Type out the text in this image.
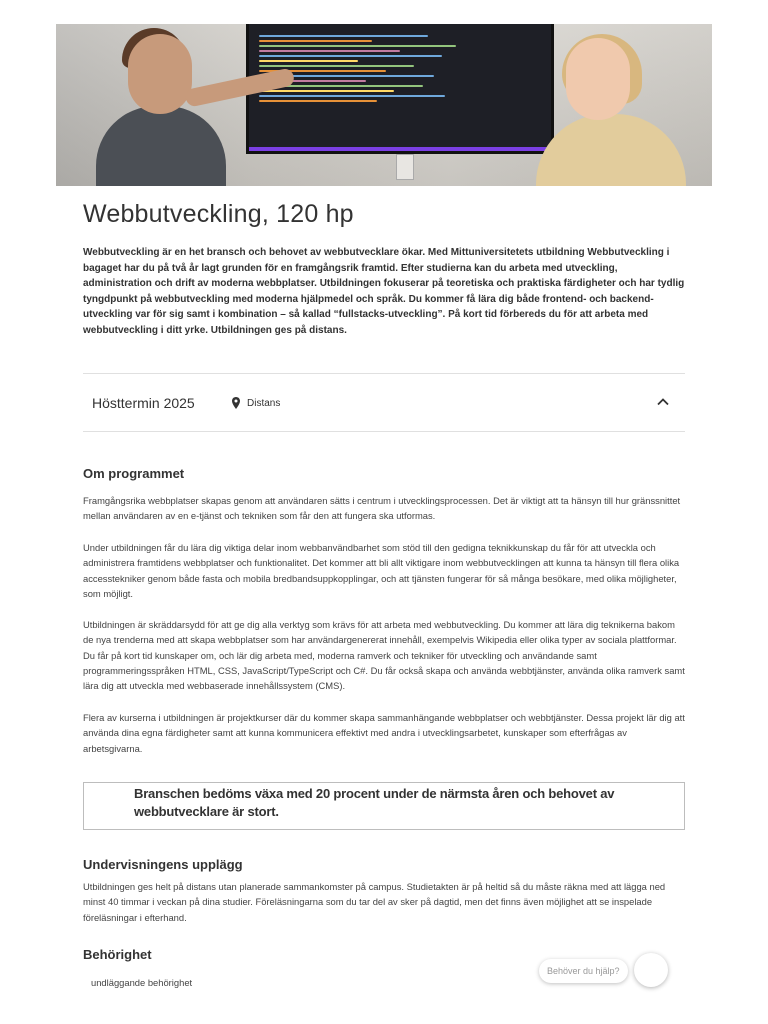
Webbutveckling, 120 hp

Webbutveckling är en het bransch och behovet av webbutvecklare ökar. Med Mittuniversitetets utbildning Webbutveckling i bagaget har du på två år lagt grunden för en framgångsrik framtid. Efter studierna kan du arbeta med utveckling, administration och drift av moderna webbplatser. Utbildningen fokuserar på teoretiska och praktiska färdigheter och har tydlig tyngdpunkt på webbutveckling med moderna hjälpmedel och språk. Du kommer få lära dig både frontend- och backend-utveckling var för sig samt i kombination – så kallad “fullstacks-utveckling”. På kort tid förbereds du för att arbeta med webbutveckling i ditt yrke. Utbildningen ges på distans.

Hösttermin 2025	Distans
Om programmet

Framgångsrika webbplatser skapas genom att användaren sätts i centrum i utvecklingsprocessen. Det är viktigt att ta hänsyn till hur gränssnittet mellan användaren av en e-tjänst och tekniken som får den att fungera ska utformas.

Under utbildningen får du lära dig viktiga delar inom webbanvändbarhet som stöd till den gedigna teknikkunskap du får för att utveckla och administrera framtidens webbplatser och funktionalitet. Det kommer att bli allt viktigare inom webbutvecklingen att kunna ta hänsyn till flera olika accesstekniker genom både fasta och mobila bredbandsuppkopplingar, och att tjänsten fungerar för så många besökare, med olika möjligheter, som möjligt.

Utbildningen är skräddarsydd för att ge dig alla verktyg som krävs för att arbeta med webbutveckling. Du kommer att lära dig teknikerna bakom de nya trenderna med att skapa webbplatser som har användargenererat innehåll, exempelvis Wikipedia eller olika typer av sociala plattformar. Du får på kort tid kunskaper om, och lär dig arbeta med, moderna ramverk och tekniker för utveckling och användande samt programmeringsspråken HTML, CSS, JavaScript/TypeScript och C#. Du får också skapa och använda webbtjänster, använda olika ramverk samt lära dig att utveckla med webbaserade innehållssystem (CMS).

Flera av kurserna i utbildningen är projektkurser där du kommer skapa sammanhängande webbplatser och webbtjänster. Dessa projekt lär dig att använda dina egna färdigheter samt att kunna kommunicera effektivt med andra i utvecklingsarbetet, kunskaper som efterfrågas av arbetsgivarna.

Branschen bedöms växa med 20 procent under de närmsta åren och behovet av webbutvecklare är stort.

Undervisningens upplägg

Utbildningen ges helt på distans utan planerade sammankomster på campus. Studietakten är på heltid så du måste räkna med att lägga ned minst 40 timmar i veckan på dina studier. Föreläsningarna som du tar del av sker på dagtid, men det finns även möjlighet att se inspelade föreläsningar i efterhand.

Behörighet

undläggande behörighet

Behöver du hjälp?
